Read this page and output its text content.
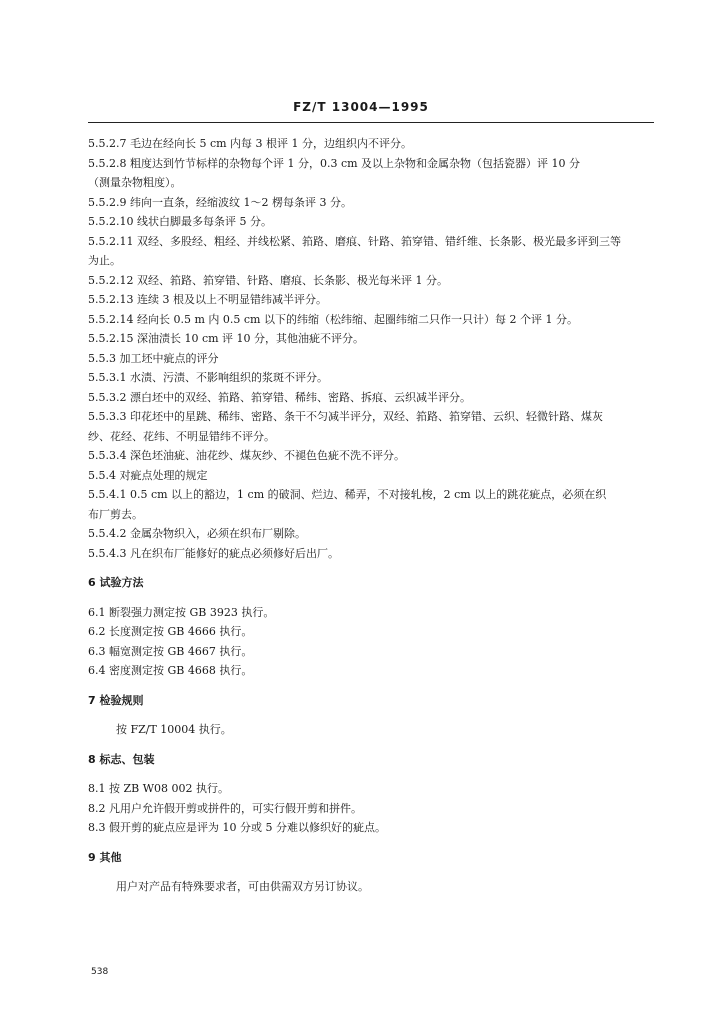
FZ/T 13004—1995
5.5.2.7 毛边在经向长 5 cm 内每 3 根评 1 分，边组织内不评分。
5.5.2.8 粗度达到竹节标样的杂物每个评 1 分，0.3 cm 及以上杂物和金属杂物（包括瓷器）评 10 分
（测量杂物粗度）。
5.5.2.9 纬向一直条，经缩波纹 1～2 楞每条评 3 分。
5.5.2.10 线状白脚最多每条评 5 分。
5.5.2.11 双经、多股经、粗经、并线松紧、筘路、磨痕、针路、筘穿错、错纤维、长条影、极光最多评到三等
为止。
5.5.2.12 双经、筘路、筘穿错、针路、磨痕、长条影、极光每米评 1 分。
5.5.2.13 连续 3 根及以上不明显错纬减半评分。
5.5.2.14 经向长 0.5 m 内 0.5 cm 以下的纬缩（松纬缩、起圈纬缩二只作一只计）每 2 个评 1 分。
5.5.2.15 深油渍长 10 cm 评 10 分，其他油疵不评分。
5.5.3 加工坯中疵点的评分
5.5.3.1 水渍、污渍、不影响组织的浆斑不评分。
5.5.3.2 漂白坯中的双经、筘路、筘穿错、稀纬、密路、拆痕、云织减半评分。
5.5.3.3 印花坯中的星跳、稀纬、密路、条干不匀减半评分，双经、筘路、筘穿错、云织、轻微针路、煤灰
纱、花经、花纬、不明显错纬不评分。
5.5.3.4 深色坯油疵、油花纱、煤灰纱、不褪色色疵不洗不评分。
5.5.4 对疵点处理的规定
5.5.4.1 0.5 cm 以上的豁边，1 cm 的破洞、烂边、稀弄，不对接轧梭，2 cm 以上的跳花疵点，必须在织
布厂剪去。
5.5.4.2 金属杂物织入，必须在织布厂剔除。
5.5.4.3 凡在织布厂能修好的疵点必须修好后出厂。
6 试验方法
6.1 断裂强力测定按 GB 3923 执行。
6.2 长度测定按 GB 4666 执行。
6.3 幅宽测定按 GB 4667 执行。
6.4 密度测定按 GB 4668 执行。
7 检验规则
按 FZ/T 10004 执行。
8 标志、包装
8.1 按 ZB W08 002 执行。
8.2 凡用户允许假开剪或拼件的，可实行假开剪和拼件。
8.3 假开剪的疵点应是评为 10 分或 5 分难以修织好的疵点。
9 其他
用户对产品有特殊要求者，可由供需双方另订协议。
538
